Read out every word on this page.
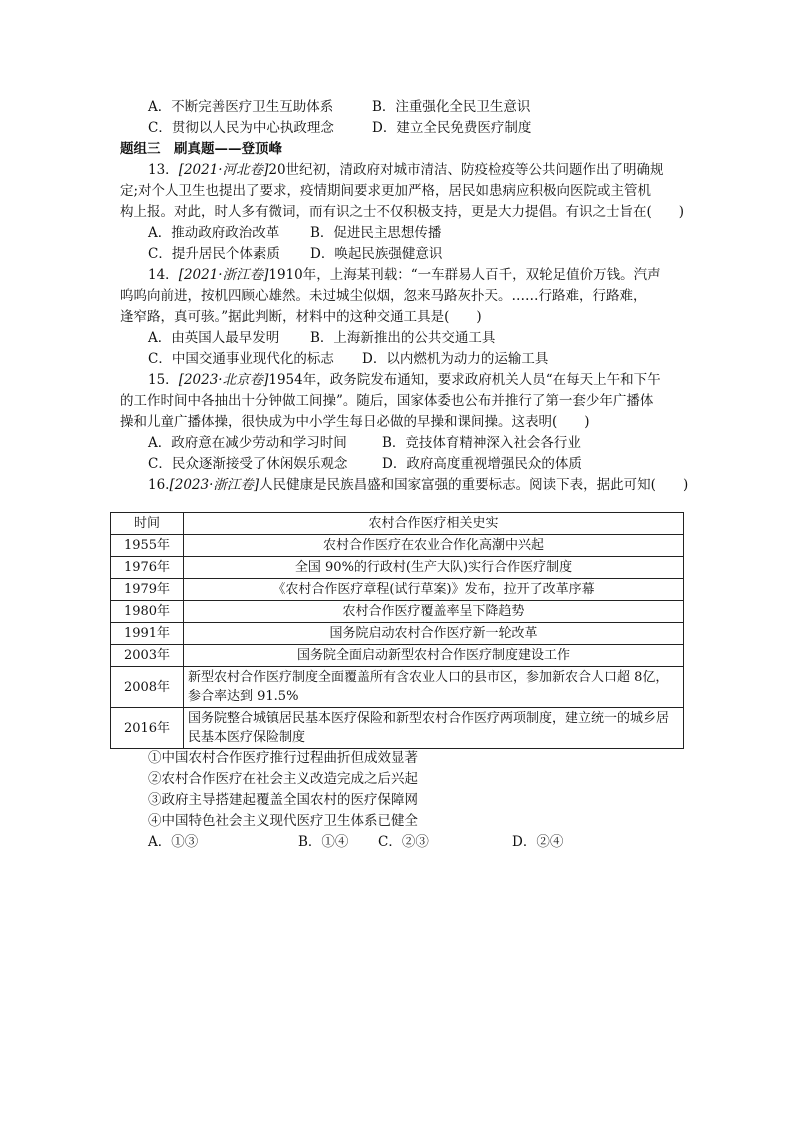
A．不断完善医疗卫生互助体系	B．注重强化全民卫生意识
C．贯彻以人民为中心执政理念	D．建立全民免费医疗制度
题组三　刷真题——登顶峰
13．[2021·河北卷]20世纪初，清政府对城市清洁、防疫检疫等公共问题作出了明确规
定;对个人卫生也提出了要求，疫情期间要求更加严格，居民如患病应积极向医院或主管机
构上报。对此，时人多有微词，而有识之士不仅积极支持，更是大力提倡。有识之士旨在(　　)
A．推动政府政治改革 B．促进民主思想传播
C．提升居民个体素质 D．唤起民族强健意识
14．[2021·浙江卷]1910年，上海某刊载：“一车群易人百千，双轮足值价万钱。汽声
呜呜向前进，按机四顾心雄然。未过城尘似烟，忽来马路灰扑天。……行路难，行路难，
逢窄路，真可骇。”据此判断，材料中的这种交通工具是(　　)
A．由英国人最早发明 B．上海新推出的公共交通工具
C．中国交通事业现代化的标志 D．以内燃机为动力的运输工具
15．[2023·北京卷]1954年，政务院发布通知，要求政府机关人员“在每天上午和下午
的工作时间中各抽出十分钟做工间操”。随后，国家体委也公布并推行了第一套少年广播体
操和儿童广播体操，很快成为中小学生每日必做的早操和课间操。这表明(　　)
A．政府意在减少劳动和学习时间	B．竞技体育精神深入社会各行业
C．民众逐渐接受了休闲娱乐观念	D．政府高度重视增强民众的体质
16.[2023·浙江卷]人民健康是民族昌盛和国家富强的重要标志。阅读下表，据此可知(　　)
时间	农村合作医疗相关史实
1955年	农村合作医疗在农业合作化高潮中兴起
1976年	全国 90%的行政村(生产大队)实行合作医疗制度
1979年	《农村合作医疗章程(试行草案)》发布，拉开了改革序幕
1980年	农村合作医疗覆盖率呈下降趋势
1991年	国务院启动农村合作医疗新一轮改革
2003年	国务院全面启动新型农村合作医疗制度建设工作
2008年	新型农村合作医疗制度全面覆盖所有含农业人口的县市区，参加新农合人口超 8亿，参合率达到 91.5%
2016年	国务院整合城镇居民基本医疗保险和新型农村合作医疗两项制度，建立统一的城乡居民基本医疗保险制度
①中国农村合作医疗推行过程曲折但成效显著
②农村合作医疗在社会主义改造完成之后兴起
③政府主导搭建起覆盖全国农村的医疗保障网
④中国特色社会主义现代医疗卫生体系已健全
A．①③	B．①④ C．②③	D．②④
